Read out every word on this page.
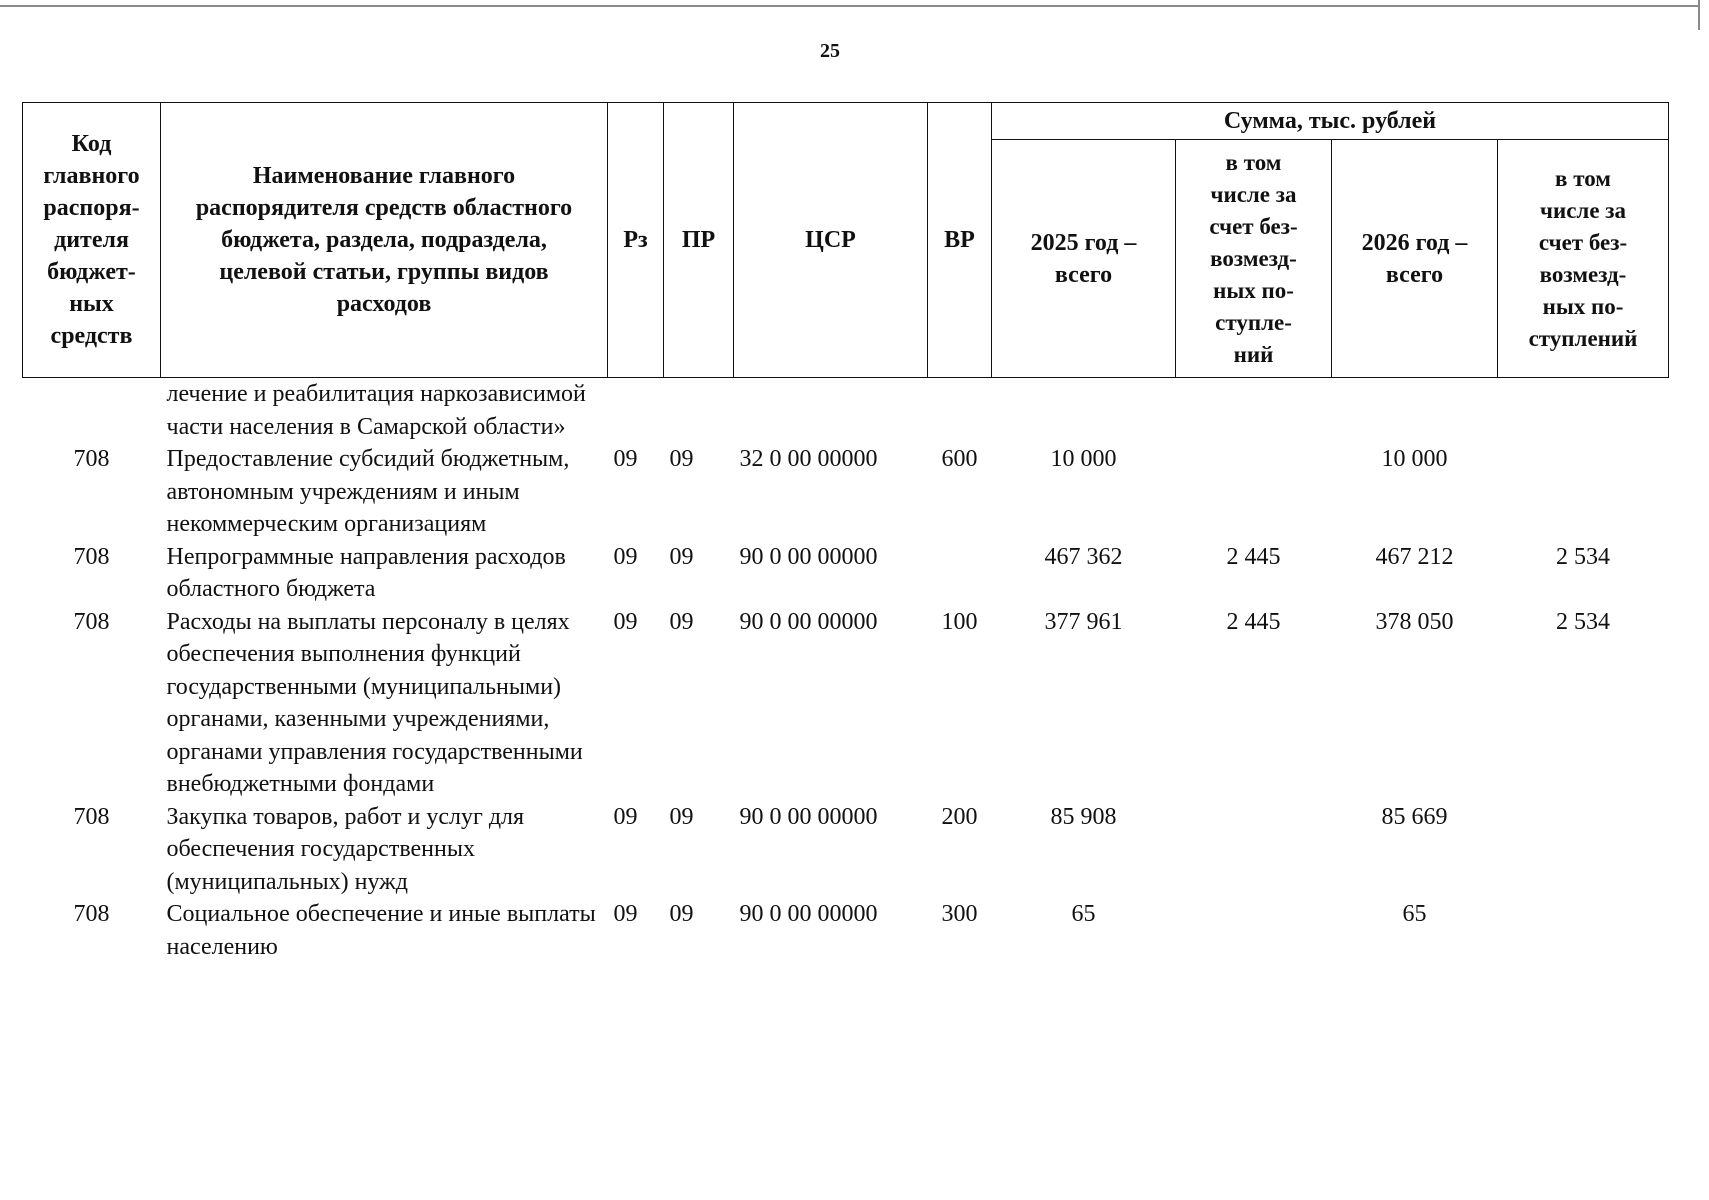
25
Код главного распоря-дителя бюджет-ных средств	Наименование главного распорядителя средств областного бюджета, раздела, подраздела, целевой статьи, группы видов расходов	Рз	ПР	ЦСР	ВР	Сумма, тыс. рублей			
						2025 год – всего	в том числе за счет без-возмезд-ных по-ступле-ний	2026 год – всего	в том числе за счет без-возмезд-ных по-ступлений
	лечение и реабилитация наркозависимой части населения в Самарской области»								
708	Предоставление субсидий бюджетным, автономным учреждениям и иным некоммерческим организациям	09	09	32 0 00 00000	600	10 000		10 000	
708	Непрограммные направления расходов областного бюджета	09	09	90 0 00 00000		467 362	2 445	467 212	2 534
708	Расходы на выплаты персоналу в целях обеспечения выполнения функций государственными (муниципальными) органами, казенными учреждениями, органами управления государственными внебюджетными фондами	09	09	90 0 00 00000	100	377 961	2 445	378 050	2 534
708	Закупка товаров, работ и услуг для обеспечения государственных (муниципальных) нужд	09	09	90 0 00 00000	200	85 908		85 669	
708	Социальное обеспечение и иные выплаты населению	09	09	90 0 00 00000	300	65		65	
